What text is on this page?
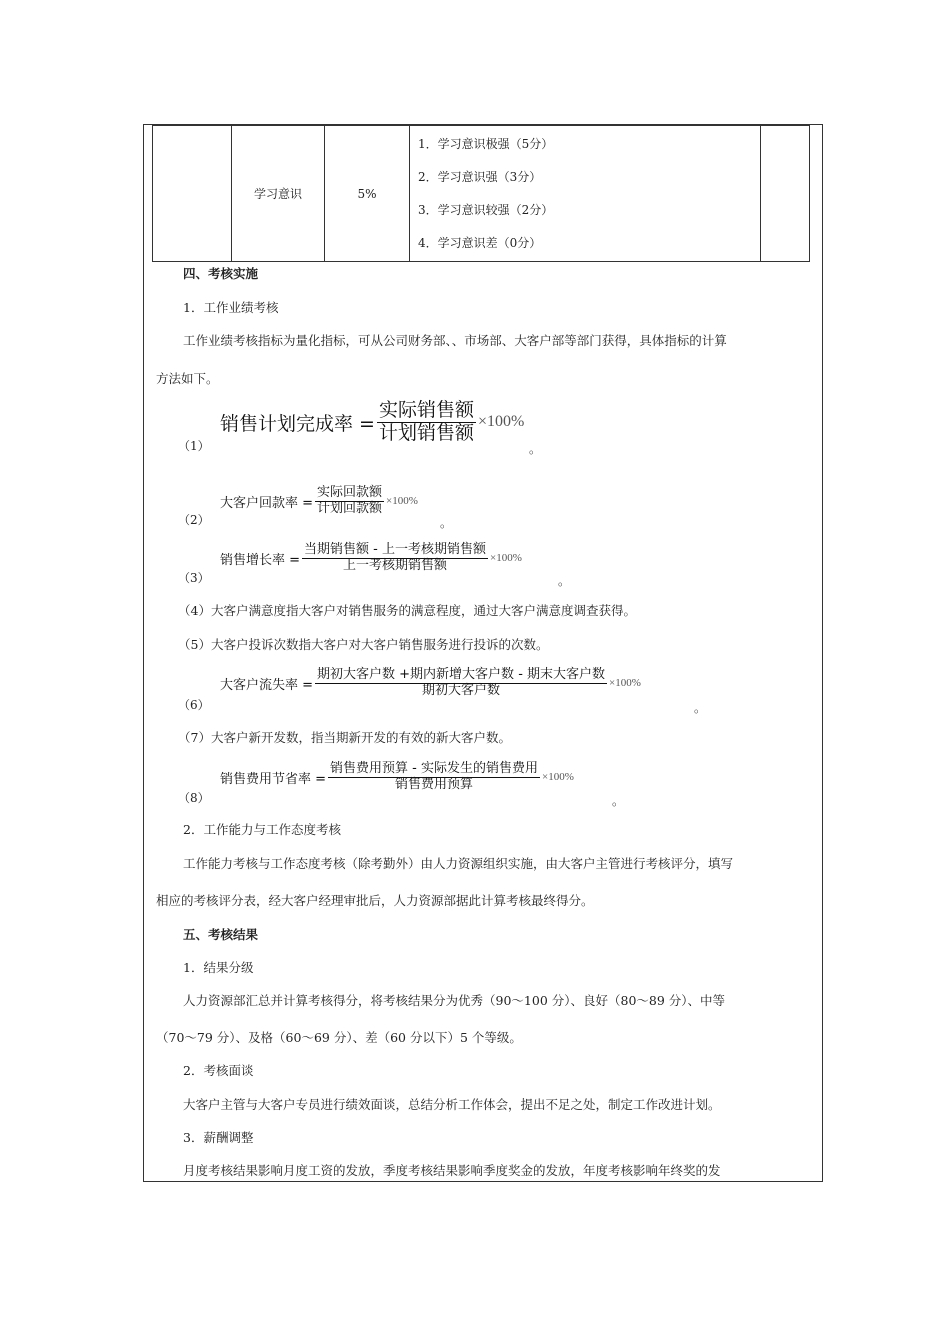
	学习意识	5%	
1．学习意识极强（5分）
2．学习意识强（3分）
3．学习意识较强（2分）
4．学习意识差（0分）

四、考核实施
1．工作业绩考核
工作业绩考核指标为量化指标，可从公司财务部、、市场部、大客户部等部门获得，具体指标的计算
方法如下。
（1）
销售计划完成率 = $\frac{\text{实际销售额}}{\text{计划销售额}} \times 100\%$
。
（2）
大客户回款率 = $\frac{\text{实际回款额}}{\text{计划回款额}} \times 100\%$
。
（3）
销售增长率 = $\frac{\text{当期销售额 - 上一考核期销售额}}{\text{上一考核期销售额}} \times 100\%$
。
（4）大客户满意度指大客户对销售服务的满意程度，通过大客户满意度调查获得。
（5）大客户投诉次数指大客户对大客户销售服务进行投诉的次数。
（6）
大客户流失率 = $\frac{\text{期初大客户数 +期内新增大客户数 - 期末大客户数}}{\text{期初大客户数}} \times 100\%$
。
（7）大客户新开发数，指当期新开发的有效的新大客户数。
（8）
销售费用节省率 = $\frac{\text{销售费用预算 - 实际发生的销售费用}}{\text{销售费用预算}} \times 100\%$
。
2．工作能力与工作态度考核
工作能力考核与工作态度考核（除考勤外）由人力资源组织实施，由大客户主管进行考核评分，填写
相应的考核评分表，经大客户经理审批后，人力资源部据此计算考核最终得分。
五、考核结果
1．结果分级
人力资源部汇总并计算考核得分，将考核结果分为优秀（90～100 分）、良好（80～89 分）、中等
（70～79 分）、及格（60～69 分）、差（60 分以下）5 个等级。
2．考核面谈
大客户主管与大客户专员进行绩效面谈，总结分析工作体会，提出不足之处，制定工作改进计划。
3．薪酬调整
月度考核结果影响月度工资的发放，季度考核结果影响季度奖金的发放，年度考核影响年终奖的发
